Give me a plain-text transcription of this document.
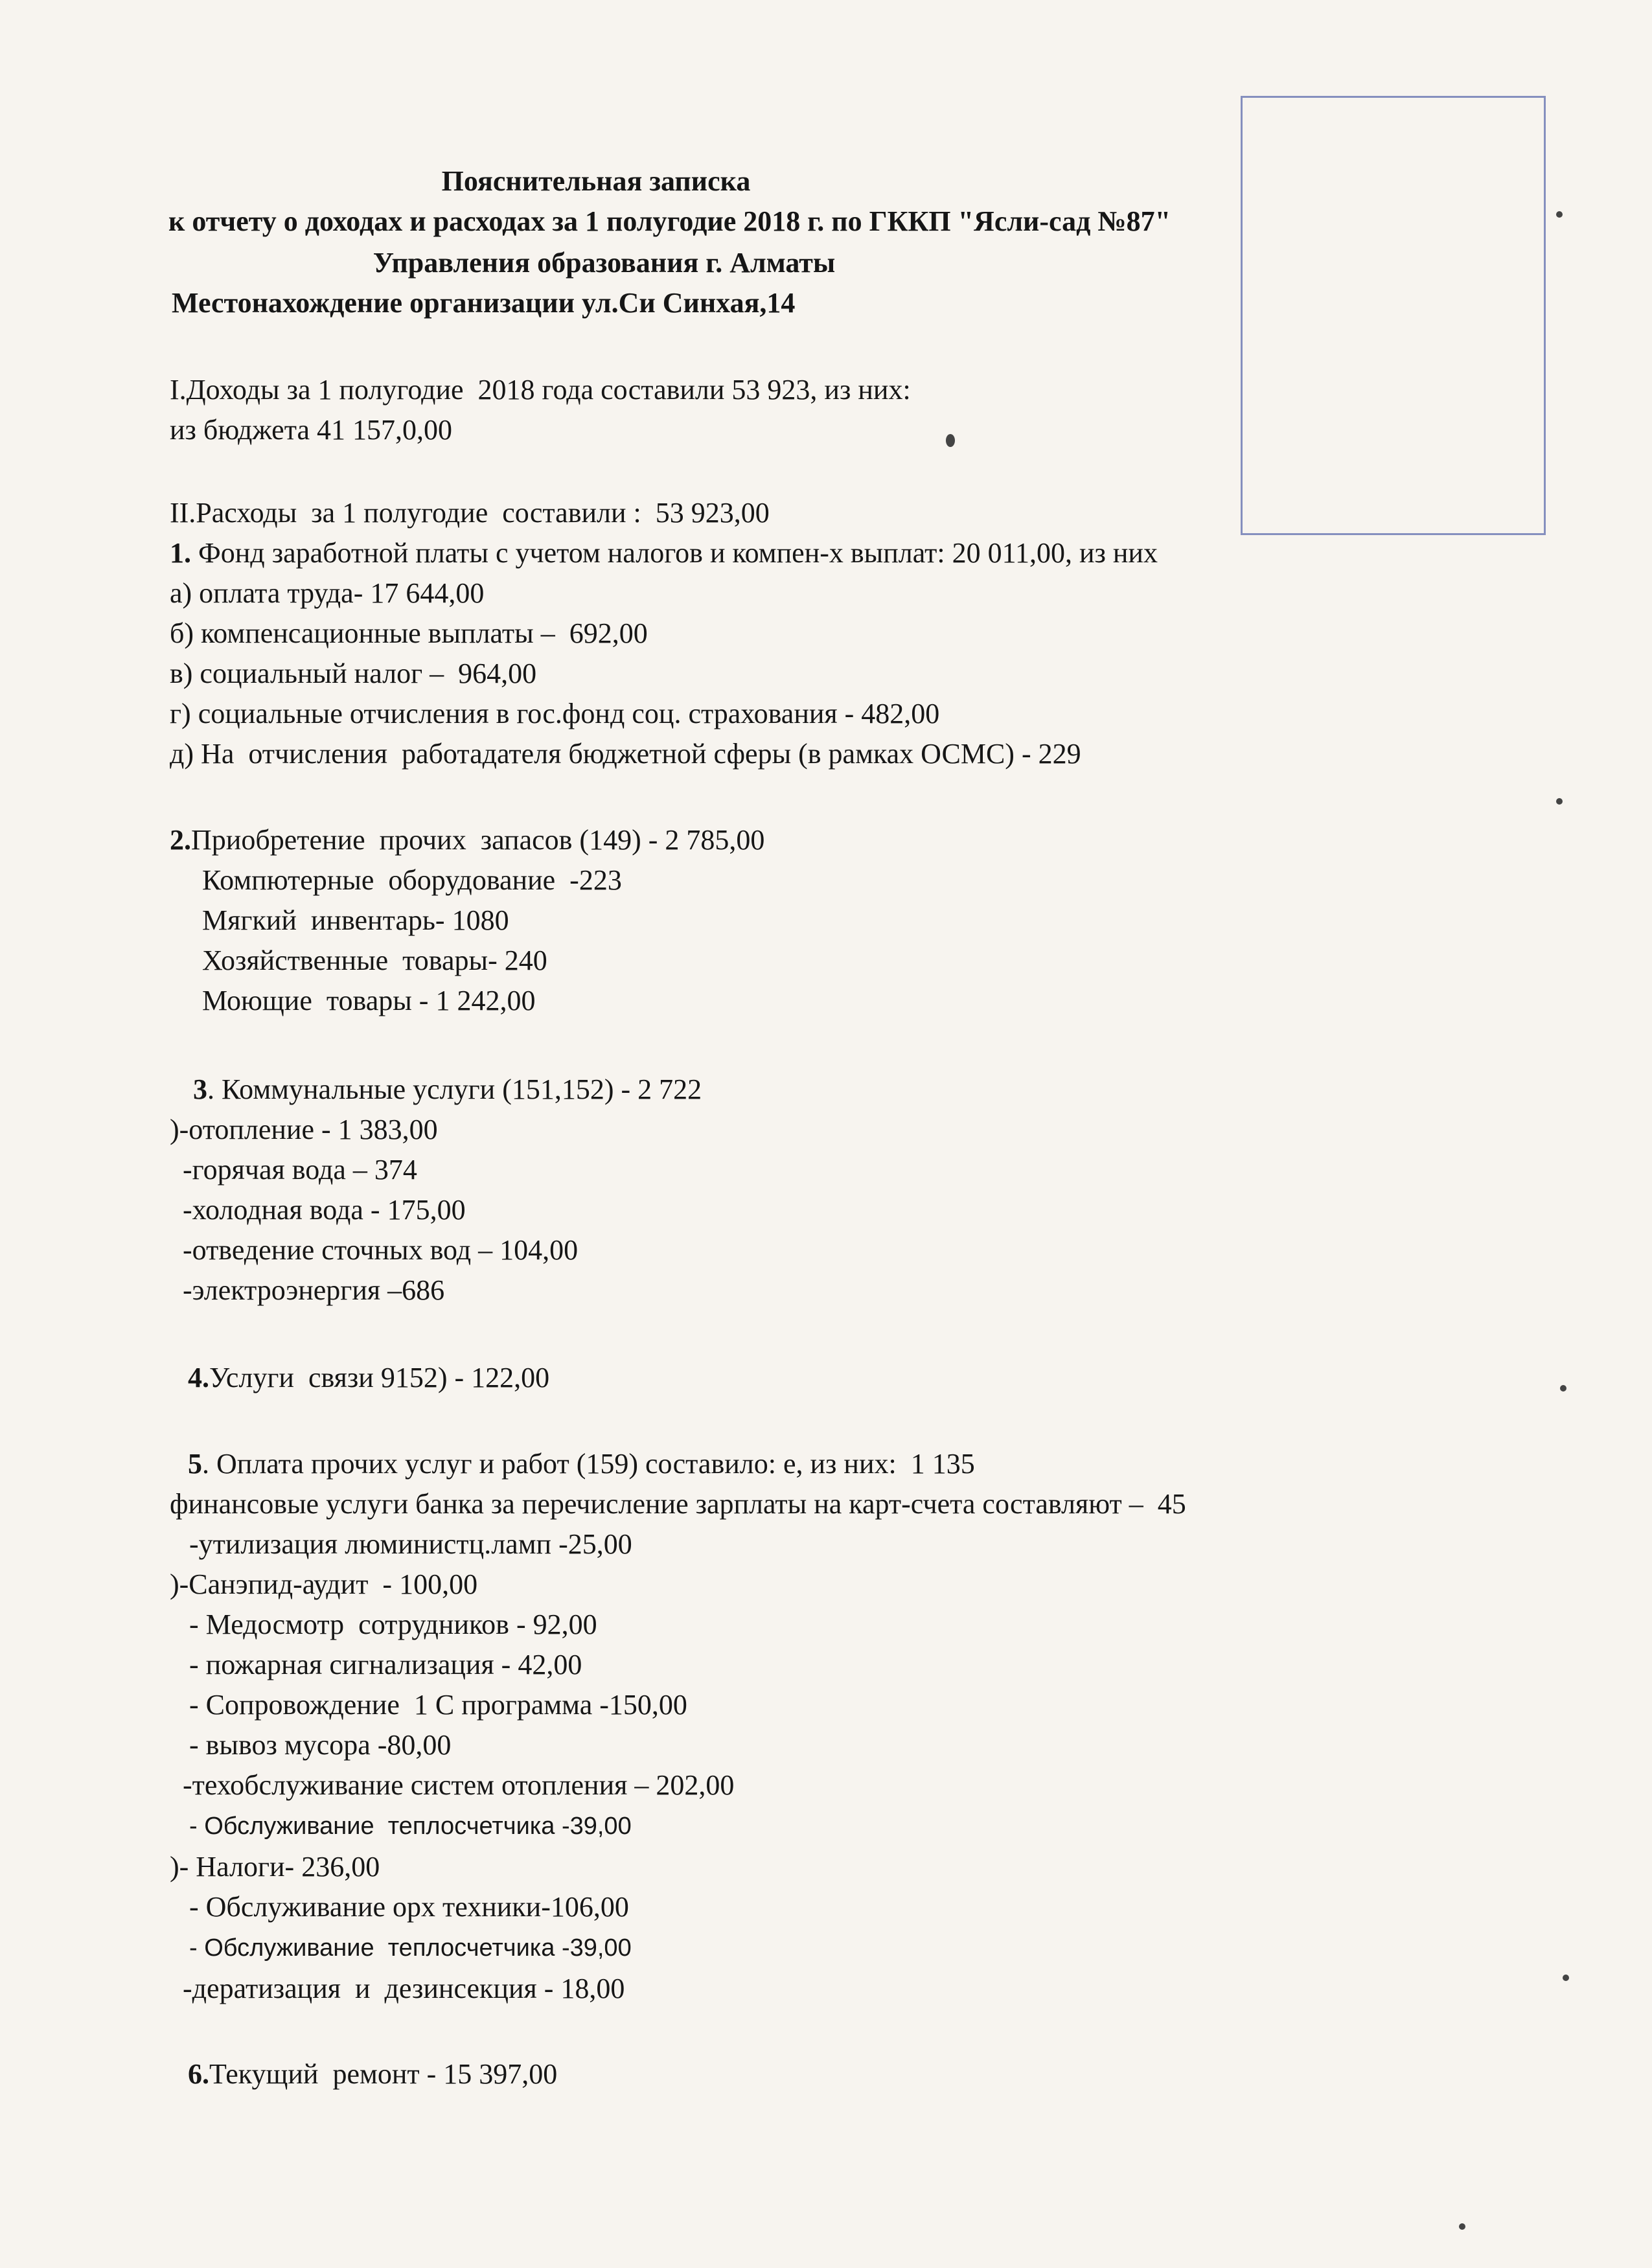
Пояснительная записка
к отчету о доходах и расходах за 1 полугодие 2018 г. по ГККП "Ясли-сад №87"
Управления образования г. Алматы
Местонахождение организации ул.Си Синхая,14
I.Доходы за 1 полугодие  2018 года составили 53 923, из них:
из бюджета 41 157,0,00
II.Расходы  за 1 полугодие  составили :  53 923,00
1. Фонд заработной платы с учетом налогов и компен-х выплат: 20 011,00, из них
а) оплата труда- 17 644,00
б) компенсационные выплаты –  692,00
в) социальный налог –  964,00
г) социальные отчисления в гос.фонд соц. страхования - 482,00
д) На  отчисления  работадателя бюджетной сферы (в рамках ОСМС) - 229
2.Приобретение  прочих  запасов (149) - 2 785,00
Компютерные  оборудование  -223
Мягкий  инвентарь- 1080
Хозяйственные  товары- 240
Моющие  товары - 1 242,00
3. Коммунальные услуги (151,152) - 2 722
)-отопление - 1 383,00
-горячая вода – 374
-холодная вода - 175,00
-отведение сточных вод – 104,00
-электроэнергия –686
4.Услуги  связи 9152) - 122,00
5. Оплата прочих услуг и работ (159) составило: е, из них:  1 135
финансовые услуги банка за перечисление зарплаты на карт-счета составляют –  45
-утилизация люминистц.ламп -25,00
)-Санэпид-аудит  - 100,00
- Медосмотр  сотрудников - 92,00
- пожарная сигнализация - 42,00
- Сопровождение  1 С программа -150,00
- вывоз мусора -80,00
-техобслуживание систем отопления – 202,00
- Обслуживание  теплосчетчика -39,00
)- Налоги- 236,00
- Обслуживание орх техники-106,00
- Обслуживание  теплосчетчика -39,00
-дератизация  и  дезинсекция - 18,00
6.Текущий  ремонт - 15 397,00
